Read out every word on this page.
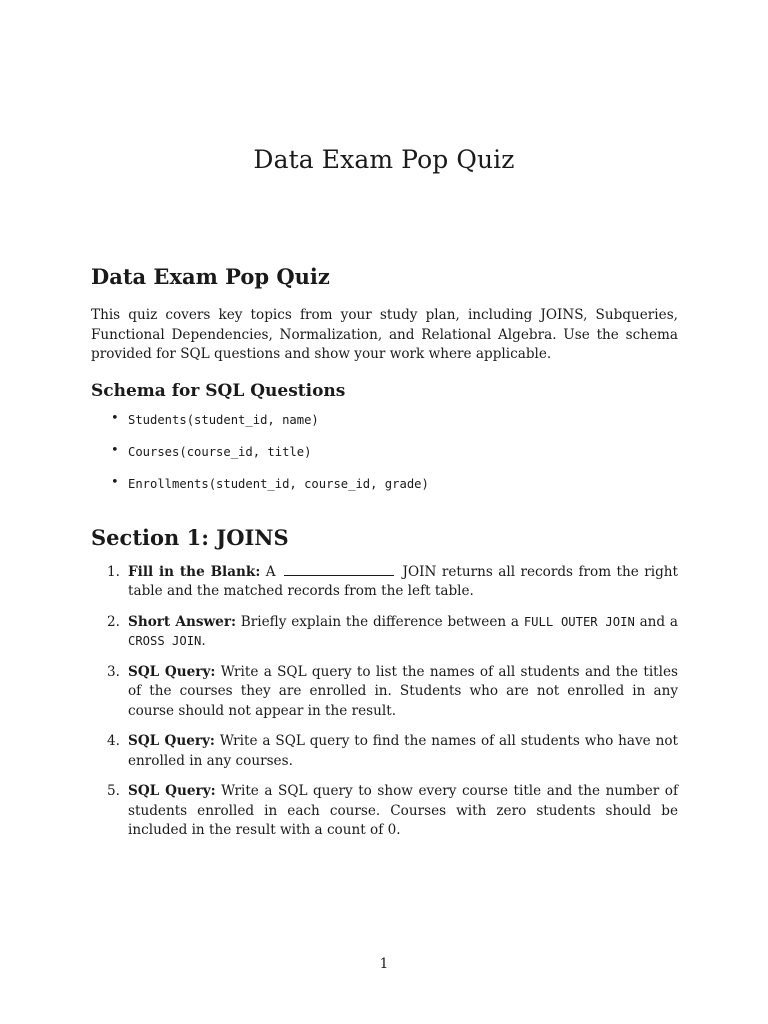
Data Exam Pop Quiz
Data Exam Pop Quiz

This quiz covers key topics from your study plan, including JOINS, Subqueries, Functional Dependencies, Normalization, and Relational Algebra. Use the schema provided for SQL questions and show your work where applicable.

Schema for SQL Questions
• Students(student_id, name)
• Courses(course_id, title)
• Enrollments(student_id, course_id, grade)
Section 1: JOINS
1. Fill in the Blank: A	JOIN returns all records from the right table and the matched records from the left table.
2. Short Answer: Briefly explain the difference between a FULL OUTER JOIN and a CROSS JOIN.
3. SQL Query: Write a SQL query to list the names of all students and the titles of the courses they are enrolled in. Students who are not enrolled in any course should not appear in the result.
4. SQL Query: Write a SQL query to find the names of all students who have not enrolled in any courses.
5. SQL Query: Write a SQL query to show every course title and the number of students enrolled in each course. Courses with zero students should be included in the result with a count of 0.
1
